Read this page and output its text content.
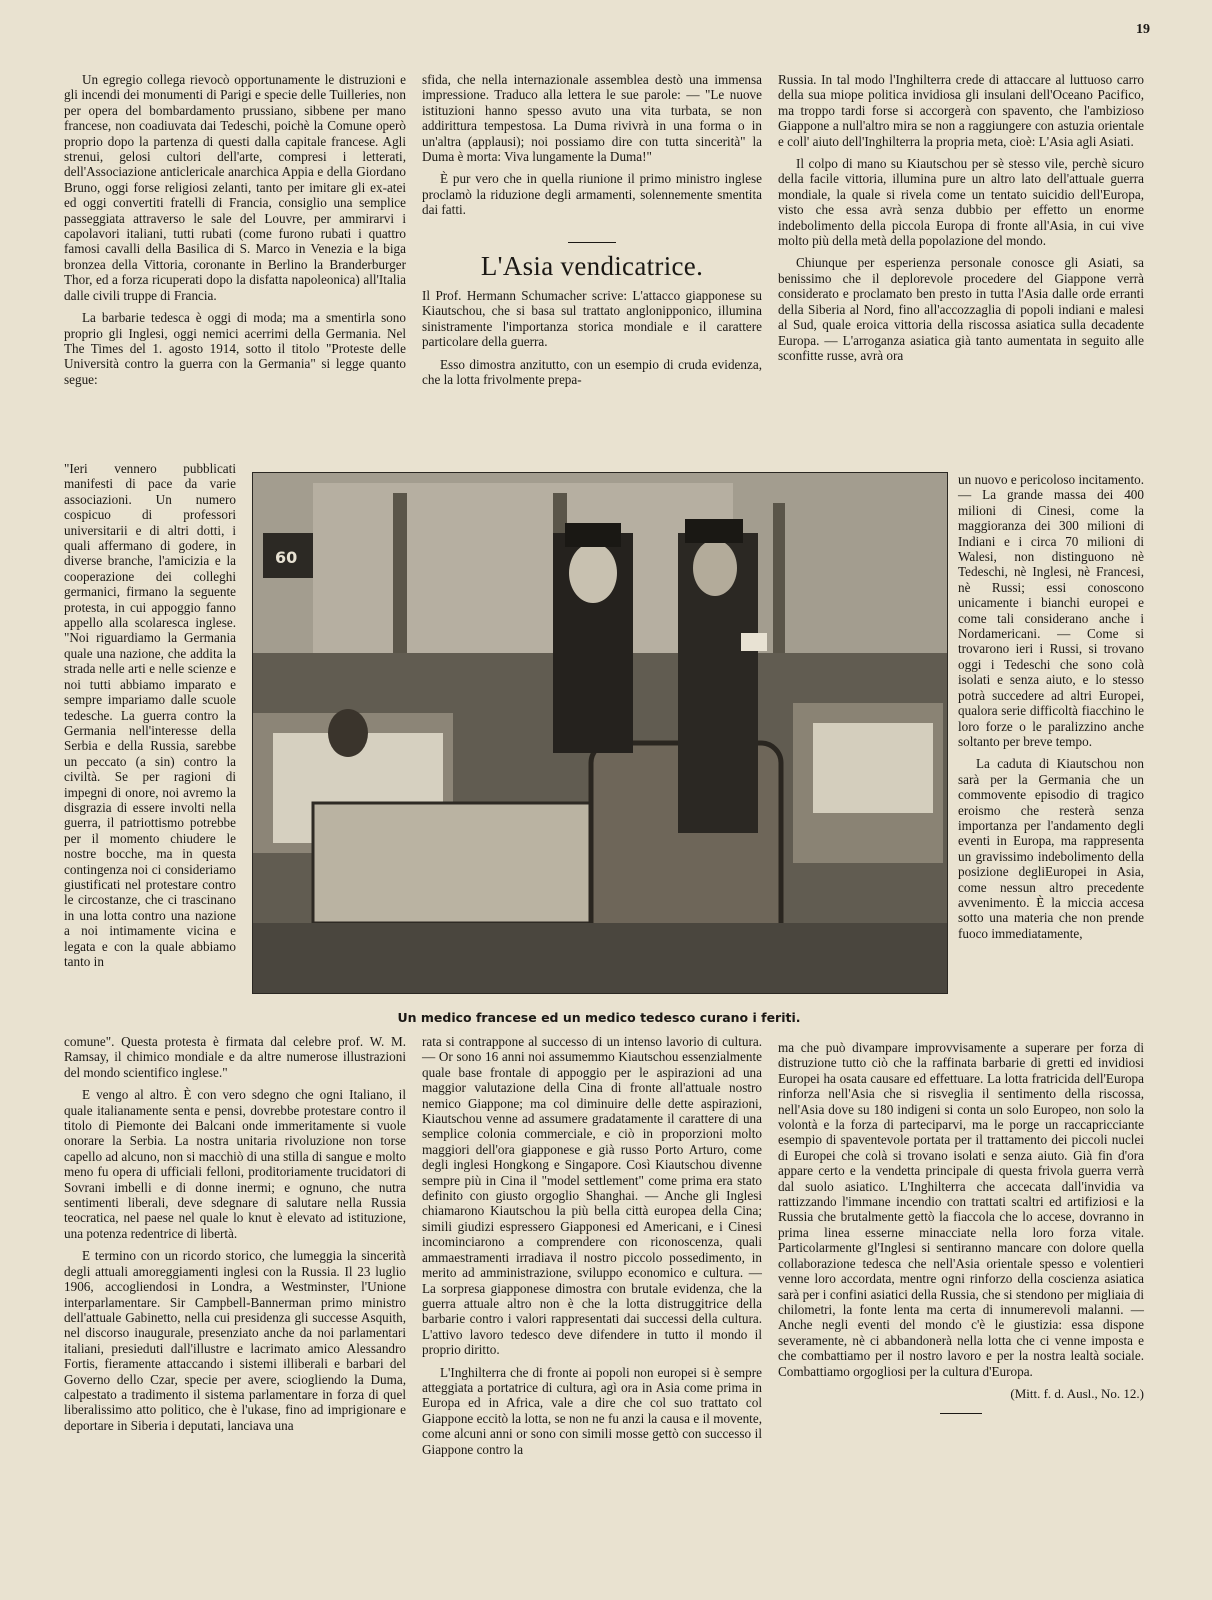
19

Un egregio collega rievocò opportunamente le distruzioni e gli incendi dei monumenti di Parigi e specie delle Tuilleries, non per opera del bombardamento prussiano, sibbene per mano francese, non coadiuvata dai Tedeschi, poichè la Comune operò proprio dopo la partenza di questi dalla capitale francese. Agli strenui, gelosi cultori dell'arte, compresi i letterati, dell'Associazione anticlericale anarchica Appia e della Giordano Bruno, oggi forse religiosi zelanti, tanto per imitare gli ex-atei ed oggi convertiti fratelli di Francia, consiglio una semplice passeggiata attraverso le sale del Louvre, per ammirarvi i capolavori italiani, tutti rubati (come furono rubati i quattro famosi cavalli della Basilica di S. Marco in Venezia e la biga bronzea della Vittoria, coronante in Berlino la Branderburger Thor, ed a forza ricuperati dopo la disfatta napoleonica) all'Italia dalle civili truppe di Francia.

La barbarie tedesca è oggi di moda; ma a smentirla sono proprio gli Inglesi, oggi nemici acerrimi della Germania. Nel The Times del 1. agosto 1914, sotto il titolo "Proteste delle Università contro la guerra con la Germania" si legge quanto segue:

"Ieri vennero pubblicati manifesti di pace da varie associazioni. Un numero cospicuo di professori universitarii e di altri dotti, i quali affermano di godere, in diverse branche, l'amicizia e la cooperazione dei colleghi germanici, firmano la seguente protesta, in cui appoggio fanno appello alla scolaresca inglese. "Noi riguardiamo la Germania quale una nazione, che addita la strada nelle arti e nelle scienze e noi tutti abbiamo imparato e sempre impariamo dalle scuole tedesche. La guerra contro la Germania nell'interesse della Serbia e della Russia, sarebbe un peccato (a sin) contro la civiltà. Se per ragioni di impegni di onore, noi avremo la disgrazia di essere involti nella guerra, il patriottismo potrebbe per il momento chiudere le nostre bocche, ma in questa contingenza noi ci consideriamo giustificati nel protestare contro le circostanze, che ci trascinano in una lotta contro una nazione a noi intimamente vicina e legata e con la quale abbiamo tanto in

comune". Questa protesta è firmata dal celebre prof. W. M. Ramsay, il chimico mondiale e da altre numerose illustrazioni del mondo scientifico inglese."

E vengo al altro. È con vero sdegno che ogni Italiano, il quale italianamente senta e pensi, dovrebbe protestare contro il titolo di Piemonte dei Balcani onde immeritamente si vuole onorare la Serbia. La nostra unitaria rivoluzione non torse capello ad alcuno, non si macchiò di una stilla di sangue e molto meno fu opera di ufficiali felloni, proditoriamente trucidatori di Sovrani imbelli e di donne inermi; e ognuno, che nutra sentimenti liberali, deve sdegnare di salutare nella Russia teocratica, nel paese nel quale lo knut è elevato ad istituzione, una potenza redentrice di libertà.

E termino con un ricordo storico, che lumeggia la sincerità degli attuali amoreggiamenti inglesi con la Russia. Il 23 luglio 1906, accogliendosi in Londra, a Westminster, l'Unione interparlamentare. Sir Campbell-Bannerman primo ministro dell'attuale Gabinetto, nella cui presidenza gli successe Asquith, nel discorso inaugurale, presenziato anche da noi parlamentari italiani, presieduti dall'illustre e lacrimato amico Alessandro Fortis, fieramente attaccando i sistemi illiberali e barbari del Governo dello Czar, specie per avere, sciogliendo la Duma, calpestato a tradimento il sistema parlamentare in forza di quel liberalissimo atto politico, che è l'ukase, fino ad imprigionare e deportare in Siberia i deputati, lanciava una

sfida, che nella internazionale assemblea destò una immensa impressione. Traduco alla lettera le sue parole: — "Le nuove istituzioni hanno spesso avuto una vita turbata, se non addirittura tempestosa. La Duma rivivrà in una forma o in un'altra (applausi); noi possiamo dire con tutta sincerità" la Duma è morta: Viva lungamente la Duma!"

È pur vero che in quella riunione il primo ministro inglese proclamò la riduzione degli armamenti, solennemente smentita dai fatti.

L'Asia vendicatrice.

Il Prof. Hermann Schumacher scrive: L'attacco giapponese su Kiautschou, che si basa sul trattato anglonipponico, illumina sinistramente l'importanza storica mondiale e il carattere particolare della guerra.

Esso dimostra anzitutto, con un esempio di cruda evidenza, che la lotta frivolmente prepa-

rata si contrappone al successo di un intenso lavorio di cultura. — Or sono 16 anni noi assumemmo Kiautschou essenzialmente quale base frontale di appoggio per le aspirazioni ad una maggior valutazione della Cina di fronte all'attuale nostro nemico Giappone; ma col diminuire delle dette aspirazioni, Kiautschou venne ad assumere gradatamente il carattere di una semplice colonia commerciale, e ciò in proporzioni molto maggiori dell'ora giapponese e già russo Porto Arturo, come degli inglesi Hongkong e Singapore. Così Kiautschou divenne sempre più in Cina il "model settlement" come prima era stato definito con giusto orgoglio Shanghai. — Anche gli Inglesi chiamarono Kiautschou la più bella città europea della Cina; simili giudizi espressero Giapponesi ed Americani, e i Cinesi incominciarono a comprendere con riconoscenza, quali ammaestramenti irradiava il nostro piccolo possedimento, in merito ad amministrazione, sviluppo economico e cultura. — La sorpresa giapponese dimostra con brutale evidenza, che la guerra attuale altro non è che la lotta distruggitrice della barbarie contro i valori rappresentati dai successi della cultura. L'attivo lavoro tedesco deve difendere in tutto il mondo il proprio diritto.

L'Inghilterra che di fronte ai popoli non europei si è sempre atteggiata a portatrice di cultura, agì ora in Asia come prima in Europa ed in Africa, vale a dire che col suo trattato col Giappone eccitò la lotta, se non ne fu anzi la causa e il movente, come alcuni anni or sono con simili mosse gettò con successo il Giappone contro la

Russia. In tal modo l'Inghilterra crede di attaccare al luttuoso carro della sua miope politica invidiosa gli insulani dell'Oceano Pacifico, ma troppo tardi forse si accorgerà con spavento, che l'ambizioso Giappone a null'altro mira se non a raggiungere con astuzia orientale e coll' aiuto dell'Inghilterra la propria meta, cioè: L'Asia agli Asiati.

Il colpo di mano su Kiautschou per sè stesso vile, perchè sicuro della facile vittoria, illumina pure un altro lato dell'attuale guerra mondiale, la quale si rivela come un tentato suicidio dell'Europa, visto che essa avrà senza dubbio per effetto un enorme indebolimento della piccola Europa di fronte all'Asia, in cui vive molto più della metà della popolazione del mondo.

Chiunque per esperienza personale conosce gli Asiati, sa benissimo che il deplorevole procedere del Giappone verrà considerato e proclamato ben presto in tutta l'Asia dalle orde erranti della Siberia al Nord, fino all'accozzaglia di popoli indiani e malesi al Sud, quale eroica vittoria della riscossa asiatica sulla decadente Europa. — L'arroganza asiatica già tanto aumentata in seguito alle sconfitte russe, avrà ora

un nuovo e pericoloso incitamento. — La grande massa dei 400 milioni di Cinesi, come la maggioranza dei 300 milioni di Indiani e i circa 70 milioni di Walesi, non distinguono nè Tedeschi, nè Inglesi, nè Francesi, nè Russi; essi conoscono unicamente i bianchi europei e come tali considerano anche i Nordamericani. — Come si trovarono ieri i Russi, si trovano oggi i Tedeschi che sono colà isolati e senza aiuto, e lo stesso potrà succedere ad altri Europei, qualora serie difficoltà fiacchino le loro forze o le paralizzino anche soltanto per breve tempo.

La caduta di Kiautschou non sarà per la Germania che un commovente episodio di tragico eroismo che resterà senza importanza per l'andamento degli eventi in Europa, ma rappresenta un gravissimo indebolimento della posizione degliEuropei in Asia, come nessun altro precedente avvenimento. È la miccia accesa sotto una materia che non prende fuoco immediatamente,

ma che può divampare improvvisamente a superare per forza di distruzione tutto ciò che la raffinata barbarie di gretti ed invidiosi Europei ha osata causare ed effettuare. La lotta fratricida dell'Europa rinforza nell'Asia che si risveglia il sentimento della riscossa, nell'Asia dove su 180 indigeni si conta un solo Europeo, non solo la volontà e la forza di parteciparvi, ma le porge un raccapricciante esempio di spaventevole portata per il trattamento dei piccoli nuclei di Europei che colà si trovano isolati e senza aiuto. Già fin d'ora appare certo e la vendetta principale di questa frivola guerra verrà dal suolo asiatico. L'Inghilterra che accecata dall'invidia va rattizzando l'immane incendio con trattati scaltri ed artifiziosi e la Russia che brutalmente gettò la fiaccola che lo accese, dovranno in prima linea esserne minacciate nella loro forza vitale. Particolarmente gl'Inglesi si sentiranno mancare con dolore quella collaborazione tedesca che nell'Asia orientale spesso e volentieri venne loro accordata, mentre ogni rinforzo della coscienza asiatica sarà per i confini asiatici della Russia, che si stendono per migliaia di chilometri, la fonte lenta ma certa di innumerevoli malanni. — Anche negli eventi del mondo c'è le giustizia: essa dispone severamente, nè ci abbandonerà nella lotta che ci venne imposta e che combattiamo per il nostro lavoro e per la nostra lealtà sociale. Combattiamo orgogliosi per la cultura d'Europa.

(Mitt. f. d. Ausl., No. 12.)

60
Un medico francese ed un medico tedesco curano i feriti.
